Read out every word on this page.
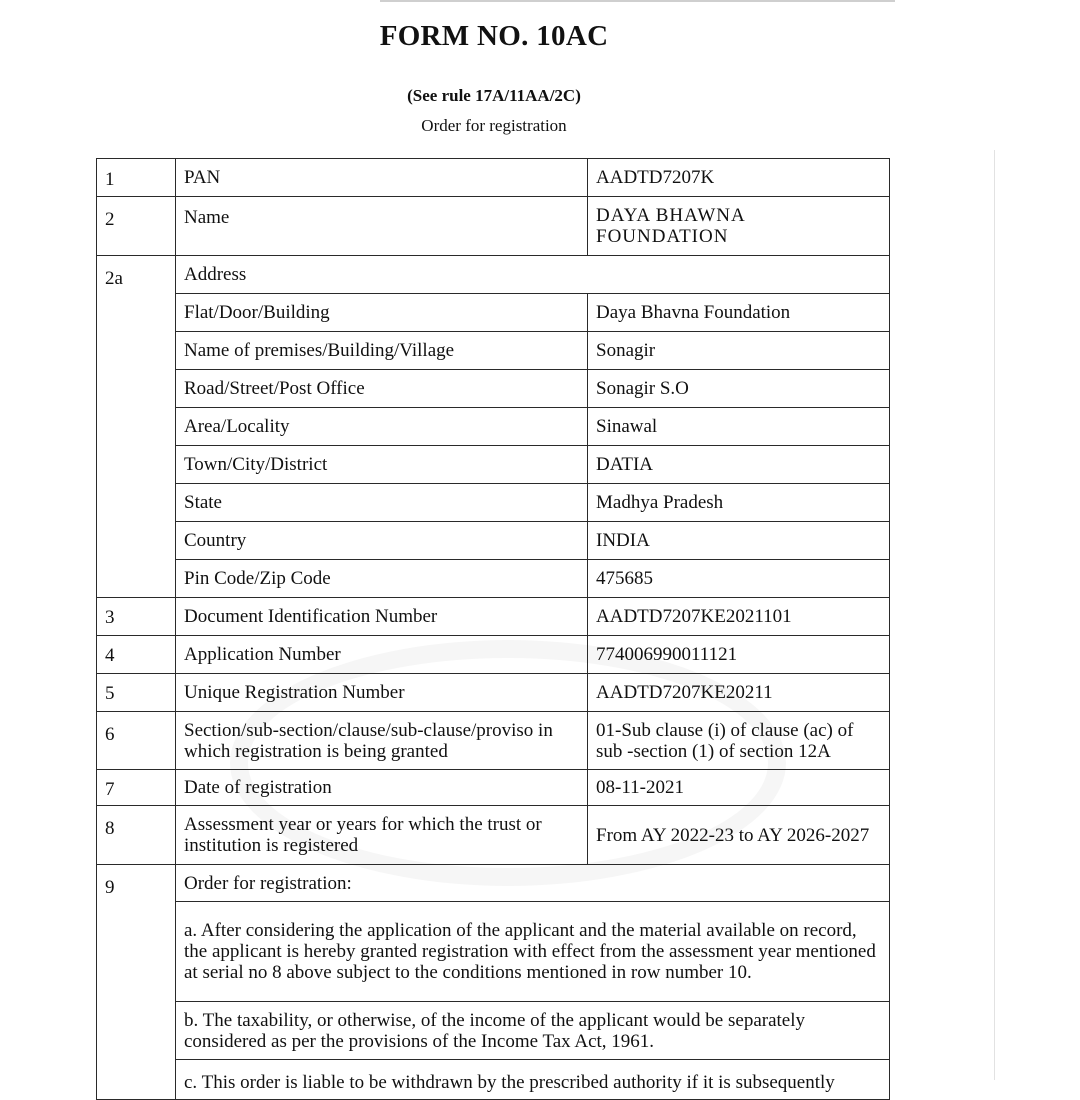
FORM NO. 10AC
(See rule 17A/11AA/2C)
Order for registration
1	PAN	AADTD7207K
2	Name	DAYA BHAWNA FOUNDATION
2a	Address	
	Flat/Door/Building	Daya Bhavna Foundation
	Name of premises/Building/Village	Sonagir
	Road/Street/Post Office	Sonagir S.O
	Area/Locality	Sinawal
	Town/City/District	DATIA
	State	Madhya Pradesh
	Country	INDIA
	Pin Code/Zip Code	475685
3	Document Identification Number	AADTD7207KE2021101
4	Application Number	774006990011121
5	Unique Registration Number	AADTD7207KE20211
6	Section/sub-section/clause/sub-clause/proviso in which registration is being granted	01-Sub clause (i) of clause (ac) of sub -section (1) of section 12A
7	Date of registration	08-11-2021
8	Assessment year or years for which the trust or institution is registered	From AY 2022-23 to AY 2026-2027
9	Order for registration:	
	a. After considering the application of the applicant and the material available on record, the applicant is hereby granted registration with effect from the assessment year mentioned at serial no 8 above subject to the conditions mentioned in row number 10.	
	b. The taxability, or otherwise, of the income of the applicant would be separately considered as per the provisions of the Income Tax Act, 1961.	
	c. This order is liable to be withdrawn by the prescribed authority if it is subsequently	
